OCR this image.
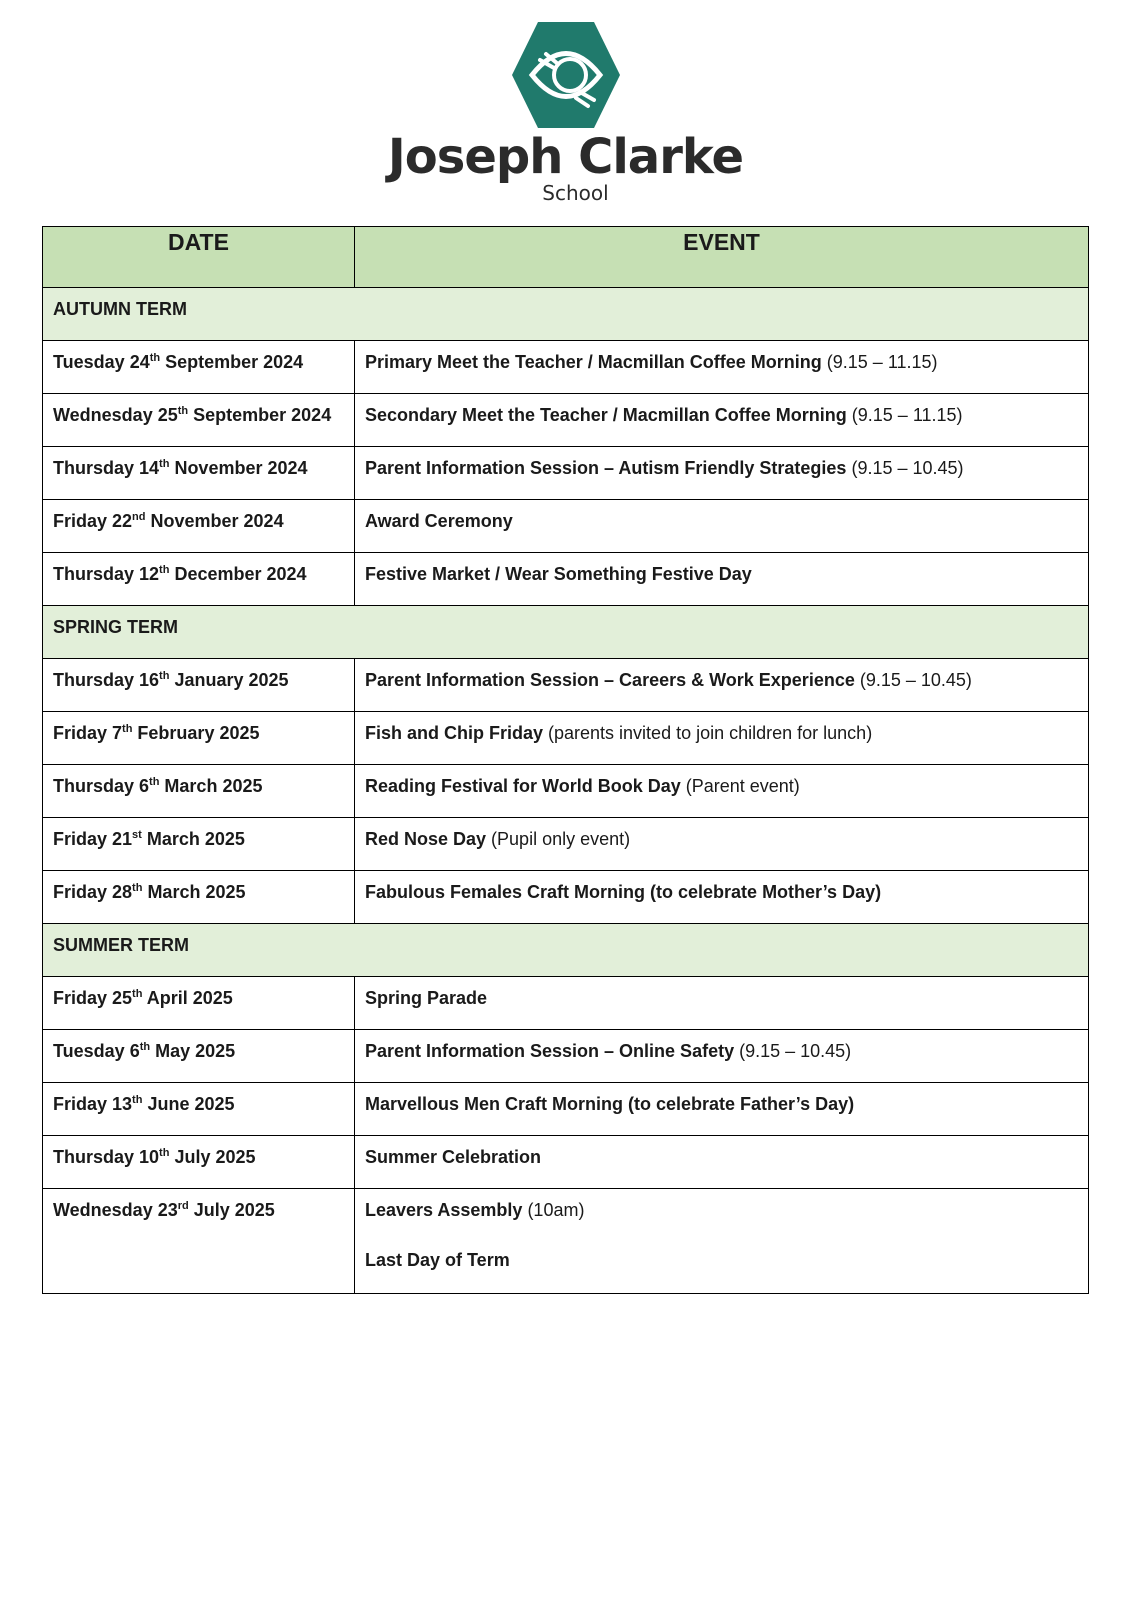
Joseph Clarke
School
DATE	EVENT
AUTUMN TERM	
Tuesday 24th September 2024	Primary Meet the Teacher / Macmillan Coffee Morning (9.15 – 11.15)

Wednesday 25th September 2024	Secondary Meet the Teacher / Macmillan Coffee Morning (9.15 – 11.15)

Thursday 14th November 2024	Parent Information Session – Autism Friendly Strategies (9.15 – 10.45)

Friday 22nd November 2024	Award Ceremony

Thursday 12th December 2024	Festive Market / Wear Something Festive Day

SPRING TERM	
Thursday 16th January 2025	Parent Information Session – Careers & Work Experience (9.15 – 10.45)

Friday 7th February 2025	Fish and Chip Friday (parents invited to join children for lunch)

Thursday 6th March 2025	Reading Festival for World Book Day (Parent event)

Friday 21st March 2025	Red Nose Day (Pupil only event)

Friday 28th March 2025	Fabulous Females Craft Morning (to celebrate Mother’s Day)

SUMMER TERM	
Friday 25th April 2025	Spring Parade

Tuesday 6th May 2025	Parent Information Session – Online Safety (9.15 – 10.45)

Friday 13th June 2025	Marvellous Men Craft Morning (to celebrate Father’s Day)

Thursday 10th July 2025	Summer Celebration

Wednesday 23rd July 2025	Leavers Assembly (10am)
Last Day of Term
